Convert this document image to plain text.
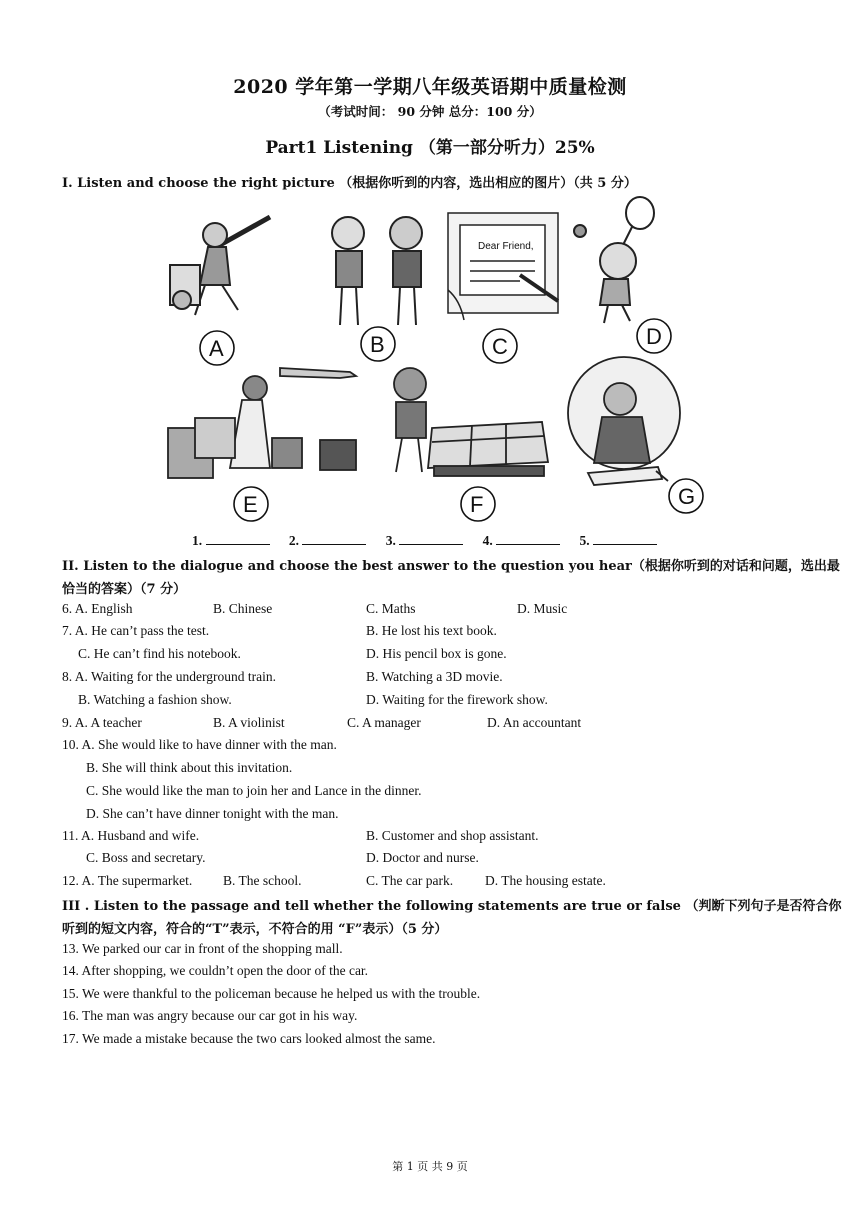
2020 学年第一学期八年级英语期中质量检测
（考试时间： 90 分钟 总分：100 分）
Part1 Listening （第一部分听力）25%
I. Listen and choose the right picture （根据你听到的内容，选出相应的图片）（共 5 分）
A	B
Dear Friend,
C	D
E	F	G
1.	2.	3.	4.	5.
II. Listen to the dialogue and choose the best answer to the question you hear（根据你听到的对话和问题，选出最
恰当的答案）（7 分）
6. A. English	B. Chinese	C. Maths	D. Music
7. A. He can’t pass the test.	B. He lost his text book.
C. He can’t find his notebook.	D. His pencil box is gone.
8. A. Waiting for the underground train.	B. Watching a 3D movie.
B. Watching a fashion show.	D. Waiting for the firework show.
9. A. A teacher	B. A violinist	C. A manager	D. An accountant
10. A. She would like to have dinner with the man.
B. She will think about this invitation.
C. She would like the man to join her and Lance in the dinner.
D. She can’t have dinner tonight with the man.
11. A. Husband and wife.	B. Customer and shop assistant.
C. Boss and secretary.	D. Doctor and nurse.
12. A. The supermarket. B. The school.	C. The car park. D. The housing estate.
III . Listen to the passage and tell whether the following statements are true or false （判断下列句子是否符合你
听到的短文内容，符合的“T”表示，不符合的用 “F”表示）（5 分）
13. We parked our car in front of the shopping mall.
14. After shopping, we couldn’t open the door of the car.
15. We were thankful to the policeman because he helped us with the trouble.
16. The man was angry because our car got in his way.
17. We made a mistake because the two cars looked almost the same.
第 1 页 共 9 页
